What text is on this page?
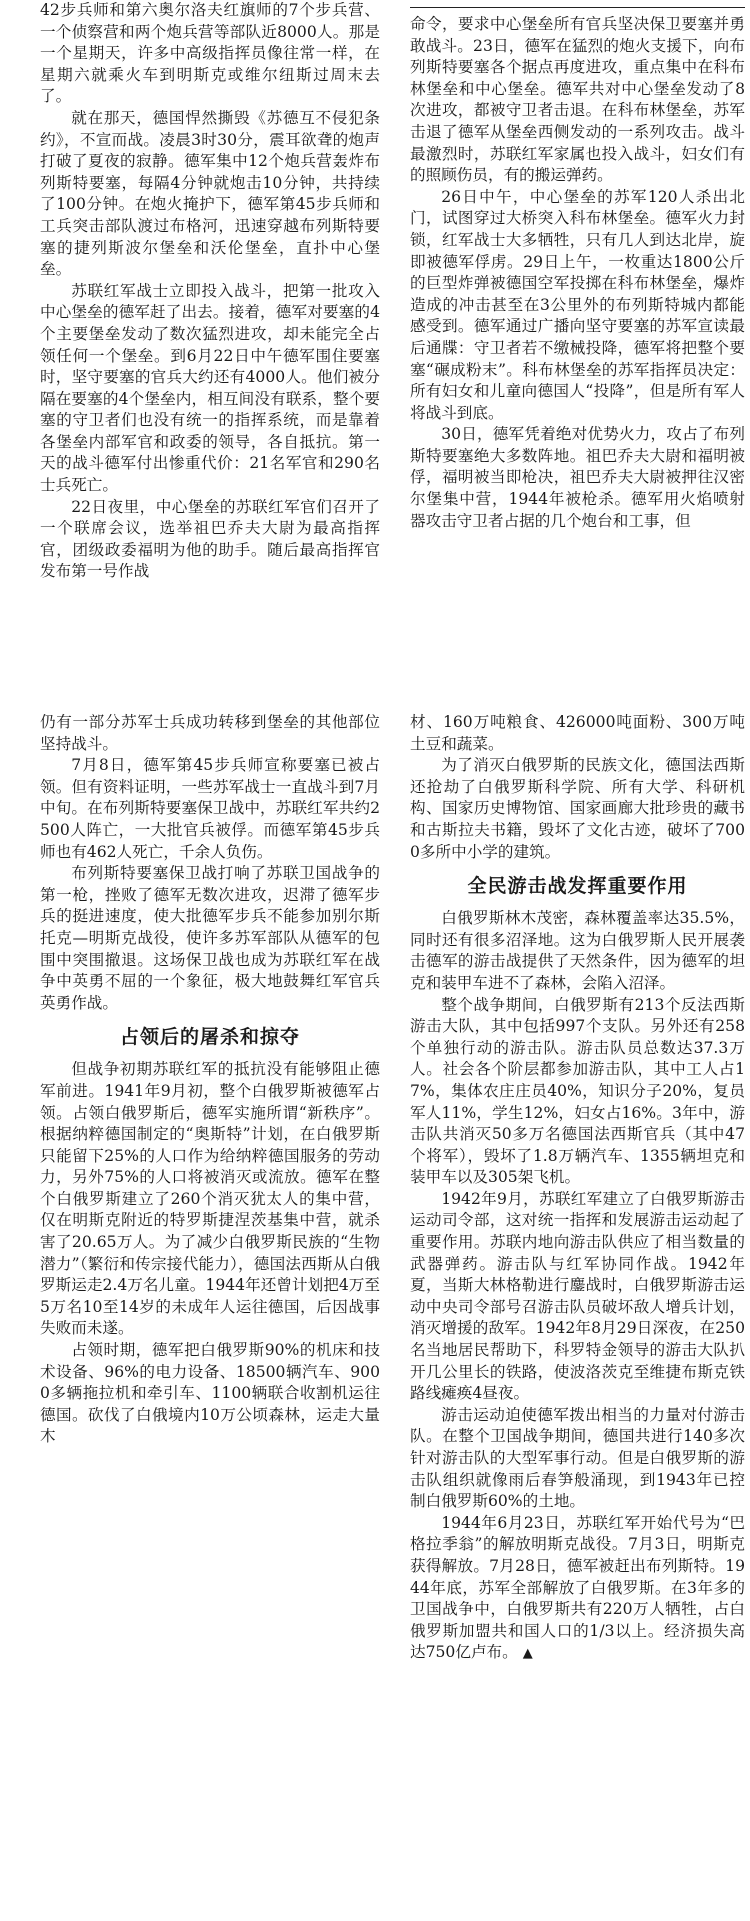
42步兵师和第六奥尔洛夫红旗师的7个步兵营、一个侦察营和两个炮兵营等部队近8000人。那是一个星期天，许多中高级指挥员像往常一样，在星期六就乘火车到明斯克或维尔纽斯过周末去了。

就在那天，德国悍然撕毁《苏德互不侵犯条约》，不宣而战。凌晨3时30分，震耳欲聋的炮声打破了夏夜的寂静。德军集中12个炮兵营轰炸布列斯特要塞，每隔4分钟就炮击10分钟，共持续了100分钟。在炮火掩护下，德军第45步兵师和工兵突击部队渡过布格河，迅速穿越布列斯特要塞的捷列斯波尔堡垒和沃伦堡垒，直扑中心堡垒。

苏联红军战士立即投入战斗，把第一批攻入中心堡垒的德军赶了出去。接着，德军对要塞的4个主要堡垒发动了数次猛烈进攻，却未能完全占领任何一个堡垒。到6月22日中午德军围住要塞时，坚守要塞的官兵大约还有4000人。他们被分隔在要塞的4个堡垒内，相互间没有联系，整个要塞的守卫者们也没有统一的指挥系统，而是靠着各堡垒内部军官和政委的领导，各自抵抗。第一天的战斗德军付出惨重代价：21名军官和290名士兵死亡。

22日夜里，中心堡垒的苏联红军官们召开了一个联席会议，选举祖巴乔夫大尉为最高指挥官，团级政委福明为他的助手。随后最高指挥官发布第一号作战

命令，要求中心堡垒所有官兵坚决保卫要塞并勇敢战斗。23日，德军在猛烈的炮火支援下，向布列斯特要塞各个据点再度进攻，重点集中在科布林堡垒和中心堡垒。德军共对中心堡垒发动了8次进攻，都被守卫者击退。在科布林堡垒，苏军击退了德军从堡垒西侧发动的一系列攻击。战斗最激烈时，苏联红军家属也投入战斗，妇女们有的照顾伤员，有的搬运弹药。

26日中午，中心堡垒的苏军120人杀出北门，试图穿过大桥突入科布林堡垒。德军火力封锁，红军战士大多牺牲，只有几人到达北岸，旋即被德军俘虏。29日上午，一枚重达1800公斤的巨型炸弹被德国空军投掷在科布林堡垒，爆炸造成的冲击甚至在3公里外的布列斯特城内都能感受到。德军通过广播向坚守要塞的苏军宣读最后通牒：守卫者若不缴械投降，德军将把整个要塞“碾成粉末”。科布林堡垒的苏军指挥员决定：所有妇女和儿童向德国人“投降”，但是所有军人将战斗到底。

30日，德军凭着绝对优势火力，攻占了布列斯特要塞绝大多数阵地。祖巴乔夫大尉和福明被俘，福明被当即枪决，祖巴乔夫大尉被押往汉密尔堡集中营，1944年被枪杀。德军用火焰喷射器攻击守卫者占据的几个炮台和工事，但

仍有一部分苏军士兵成功转移到堡垒的其他部位坚持战斗。

7月8日，德军第45步兵师宣称要塞已被占领。但有资料证明，一些苏军战士一直战斗到7月中旬。在布列斯特要塞保卫战中，苏联红军共约2500人阵亡，一大批官兵被俘。而德军第45步兵师也有462人死亡，千余人负伤。

布列斯特要塞保卫战打响了苏联卫国战争的第一枪，挫败了德军无数次进攻，迟滞了德军步兵的挺进速度，使大批德军步兵不能参加别尔斯托克—明斯克战役，使许多苏军部队从德军的包围中突围撤退。这场保卫战也成为苏联红军在战争中英勇不屈的一个象征，极大地鼓舞红军官兵英勇作战。

占领后的屠杀和掠夺

但战争初期苏联红军的抵抗没有能够阻止德军前进。1941年9月初，整个白俄罗斯被德军占领。占领白俄罗斯后，德军实施所谓“新秩序”。根据纳粹德国制定的“奥斯特”计划，在白俄罗斯只能留下25%的人口作为给纳粹德国服务的劳动力，另外75%的人口将被消灭或流放。德军在整个白俄罗斯建立了260个消灭犹太人的集中营，仅在明斯克附近的特罗斯捷涅茨基集中营，就杀害了20.65万人。为了减少白俄罗斯民族的“生物潜力”（繁衍和传宗接代能力），德国法西斯从白俄罗斯运走2.4万名儿童。1944年还曾计划把4万至5万名10至14岁的未成年人运往德国，后因战事失败而未遂。

占领时期，德军把白俄罗斯90%的机床和技术设备、96%的电力设备、18500辆汽车、9000多辆拖拉机和牵引车、1100辆联合收割机运往德国。砍伐了白俄境内10万公顷森林，运走大量木

材、160万吨粮食、426000吨面粉、300万吨土豆和蔬菜。

为了消灭白俄罗斯的民族文化，德国法西斯还抢劫了白俄罗斯科学院、所有大学、科研机构、国家历史博物馆、国家画廊大批珍贵的藏书和古斯拉夫书籍，毁坏了文化古迹，破坏了7000多所中小学的建筑。

全民游击战发挥重要作用

白俄罗斯林木茂密，森林覆盖率达35.5%，同时还有很多沼泽地。这为白俄罗斯人民开展袭击德军的游击战提供了天然条件，因为德军的坦克和装甲车进不了森林，会陷入沼泽。

整个战争期间，白俄罗斯有213个反法西斯游击大队，其中包括997个支队。另外还有258个单独行动的游击队。游击队员总数达37.3万人。社会各个阶层都参加游击队，其中工人占17%，集体农庄庄员40%，知识分子20%，复员军人11%，学生12%，妇女占16%。3年中，游击队共消灭50多万名德国法西斯官兵（其中47个将军），毁坏了1.8万辆汽车、1355辆坦克和装甲车以及305架飞机。

1942年9月，苏联红军建立了白俄罗斯游击运动司令部，这对统一指挥和发展游击运动起了重要作用。苏联内地向游击队供应了相当数量的武器弹药。游击队与红军协同作战。1942年夏，当斯大林格勒进行鏖战时，白俄罗斯游击运动中央司令部号召游击队员破坏敌人增兵计划，消灭增援的敌军。1942年8月29日深夜，在250名当地居民帮助下，科罗特金领导的游击大队扒开几公里长的铁路，使波洛茨克至维捷布斯克铁路线瘫痪4昼夜。

游击运动迫使德军拨出相当的力量对付游击队。在整个卫国战争期间，德国共进行140多次针对游击队的大型军事行动。但是白俄罗斯的游击队组织就像雨后春笋般涌现，到1943年已控制白俄罗斯60%的土地。

1944年6月23日，苏联红军开始代号为“巴格拉季翁”的解放明斯克战役。7月3日，明斯克获得解放。7月28日，德军被赶出布列斯特。1944年底，苏军全部解放了白俄罗斯。在3年多的卫国战争中，白俄罗斯共有220万人牺牲，占白俄罗斯加盟共和国人口的1/3以上。经济损失高达750亿卢布。 ▲
